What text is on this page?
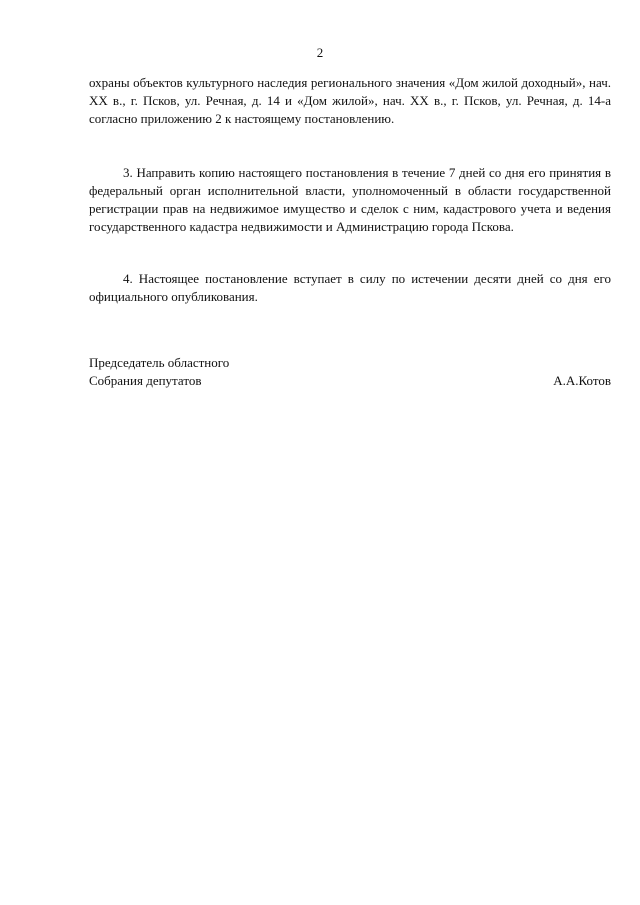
2

охраны объектов культурного наследия регионального значения «Дом жилой доходный», нач. XX в., г. Псков, ул. Речная, д. 14 и «Дом жилой», нач. XX в., г. Псков, ул. Речная, д. 14-а согласно приложению 2 к настоящему постановлению.

3. Направить копию настоящего постановления в течение 7 дней со дня его принятия в федеральный орган исполнительной власти, уполномоченный в области государственной регистрации прав на недвижимое имущество и сделок с ним, кадастрового учета и ведения государственного кадастра недвижимости и Администрацию города Пскова.

4. Настоящее постановление вступает в силу по истечении десяти дней со дня его официального опубликования.

Председатель областного
Собрания депутатов	А.А.Котов
